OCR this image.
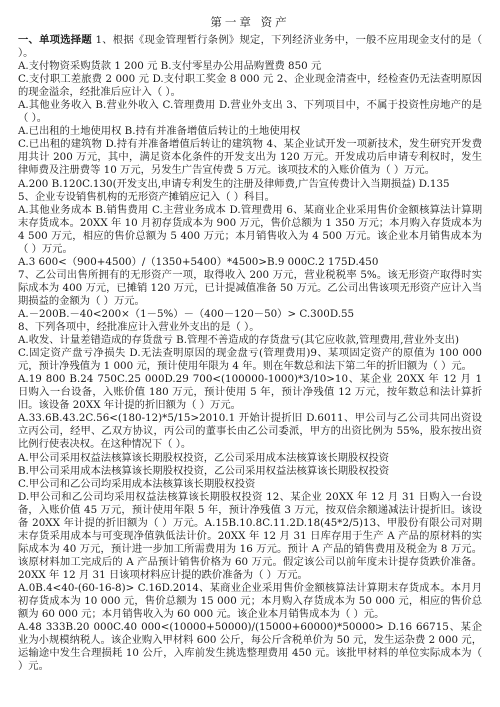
第一章 资产

一、单项选择题 1、根据《现金管理暂行条例》规定，下列经济业务中，一般不应用现金支付的是（ ）。

A.支付物资采购货款 1 200 元 B.支付零星办公用品购置费 850 元

C.支付职工差旅费 2 000 元 D.支付职工奖金 8 000 元 2、企业现金清查中，经检查仍无法查明原因的现金溢余，经批准后应计入（ ）。

A.其他业务收入 B.营业外收入 C.管理费用 D.营业外支出 3、下列项目中，不属于投资性房地产的是（ ）。

A.已出租的土地使用权 B.持有并准备增值后转让的土地使用权

C.已出租的建筑物 D.持有并准备增值后转让的建筑物 4、某企业试开发一项新技术，发生研究开发费用共计 200 万元，其中，满足资本化条件的开发支出为 120 万元。开发成功后申请专利权时，发生律师费及注册费等 10 万元，另发生广告宣传费 5 万元。该项技术的入账价值为（ ）万元。

A.200 B.120C.130(开发支出,申请专利发生的注册及律师费,广告宣传费计入当期损益) D.135

5、企业专设销售机构的无形资产摊销应记入（ ）科目。

A.其他业务成本 B.销售费用 C.主营业务成本 D.管理费用 6、某商业企业采用售价金额核算法计算期末存货成本。20XX 年 10 月初存货成本为 900 万元，售价总额为 1 350 万元；本月购入存货成本为 4 500 万元，相应的售价总额为 5 400 万元；本月销售收入为 4 500 万元。该企业本月销售成本为（ ）万元。

A.3 600<（900+4500）/（1350+5400）*4500>B.9 000C.2 175D.450

7、乙公司出售所拥有的无形资产一项，取得收入 200 万元，营业税税率 5%。该无形资产取得时实际成本为 400 万元，已摊销 120 万元，已计提减值准备 50 万元。乙公司出售该项无形资产应计入当期损益的金额为（ ）万元。

A.－200B.－40<200×（1－5%）－（400－120－50）> C.300D.55

8、下列各项中，经批准应计入营业外支出的是（ ）。

A.收发、计量差错造成的存货盘亏 B.管理不善造成的存货盘亏(其它应收款,管理费用,营业外支出)

C.固定资产盘亏净损失 D.无法查明原因的现金盘亏(管理费用)9、某项固定资产的原值为 100 000 元，预计净残值为 1 000 元，预计使用年限为 4 年。则在年数总和法下第二年的折旧额为（ ）元。

A.19 800 B.24 750C.25 000D.29 700<(100000-1000)*3/10>10、某企业 20XX 年 12 月 1 日购入一台设备，入账价值 180 万元，预计使用 5 年，预计净残值 12 万元，按年数总和法计算折旧。该设备 20XX 年计提的折旧额为（ ）万元。

A.33.6B.43.2C.56<(180-12)*5/15>2010.1 开始计提折旧 D.6011、甲公司与乙公司共同出资设立丙公司，经甲、乙双方协议，丙公司的董事长由乙公司委派，甲方的出资比例为 55%，股东按出资比例行使表决权。在这种情况下（ ）。

A.甲公司采用权益法核算该长期股权投资，乙公司采用成本法核算该长期股权投资

B.甲公司采用成本法核算该长期股权投资，乙公司采用权益法核算该长期股权投资

C.甲公司和乙公司均采用成本法核算该长期股权投资

D.甲公司和乙公司均采用权益法核算该长期股权投资 12、某企业 20XX 年 12 月 31 日购入一台设备，入账价值 45 万元，预计使用年限 5 年，预计净残值 3 万元，按双倍余额递减法计提折旧。该设备 20XX 年计提的折旧额为（ ）万元。A.15B.10.8C.11.2D.18(45*2/5)13、甲股份有限公司对期末存货采用成本与可变现净值孰低法计价。20XX 年 12 月 31 日库存用于生产 A 产品的原材料的实际成本为 40 万元，预计进一步加工所需费用为 16 万元。预计 A 产品的销售费用及税金为 8 万元。该原材料加工完成后的 A 产品预计销售价格为 60 万元。假定该公司以前年度未计提存货跌价准备。20XX 年 12 月 31 日该项材料应计提的跌价准备为（ ）万元。

A.0B.4<40-(60-16-8)> C.16D.2014、某商业企业采用售价金额核算法计算期末存货成本。本月月初存货成本为 10 000 元，售价总额为 15 000 元；本月购入存货成本为 50 000 元，相应的售价总额为 60 000 元；本月销售收入为 60 000 元。该企业本月销售成本为（ ）元。

A.48 333B.20 000C.40 000<(10000+50000)/(15000+60000)*50000> D.16 66715、某企业为小规模纳税人。该企业购入甲材料 600 公斤，每公斤含税单价为 50 元，发生运杂费 2 000 元，运输途中发生合理损耗 10 公斤，入库前发生挑选整理费用 450 元。该批甲材料的单位实际成本为（ ）元。
